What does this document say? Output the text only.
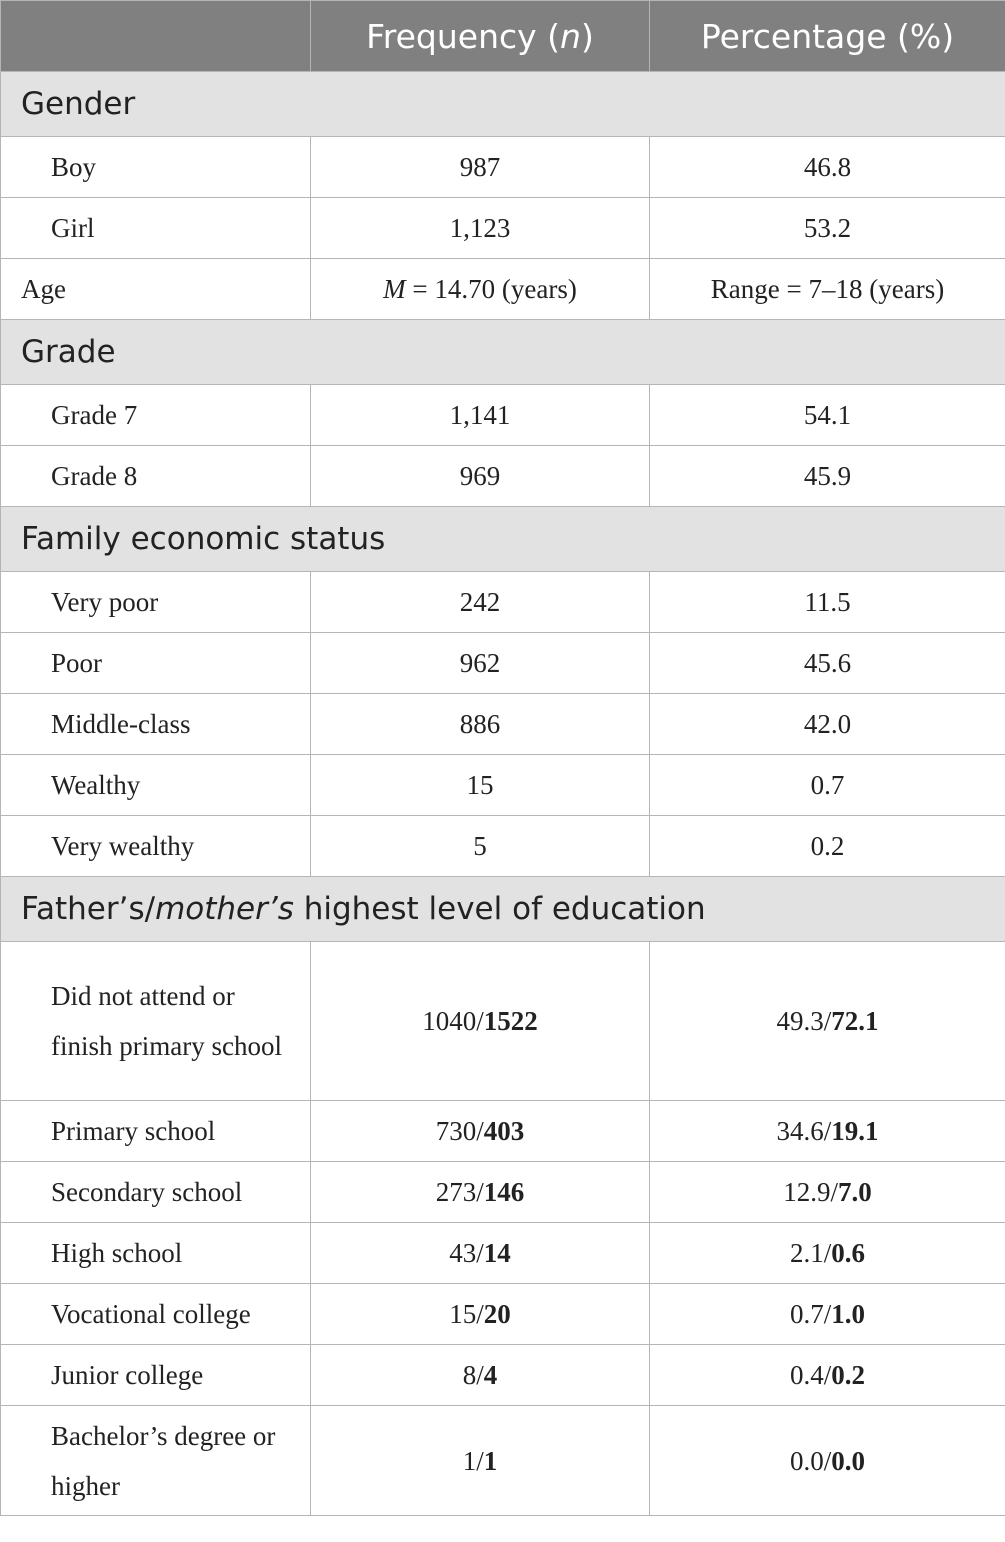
	Frequency (n)	Percentage (%)
Gender		
Boy	987	46.8
Girl	1,123	53.2
Age	M = 14.70 (years)	Range = 7–18 (years)
Grade		
Grade 7	1,141	54.1
Grade 8	969	45.9
Family economic status		
Very poor	242	11.5
Poor	962	45.6
Middle-class	886	42.0
Wealthy	15	0.7
Very wealthy	5	0.2
Father’s/mother’s highest level of education		
Did not attend or finish primary school	1040/1522	49.3/72.1
Primary school	730/403	34.6/19.1
Secondary school	273/146	12.9/7.0
High school	43/14	2.1/0.6
Vocational college	15/20	0.7/1.0
Junior college	8/4	0.4/0.2
Bachelor’s degree or higher	1/1	0.0/0.0
